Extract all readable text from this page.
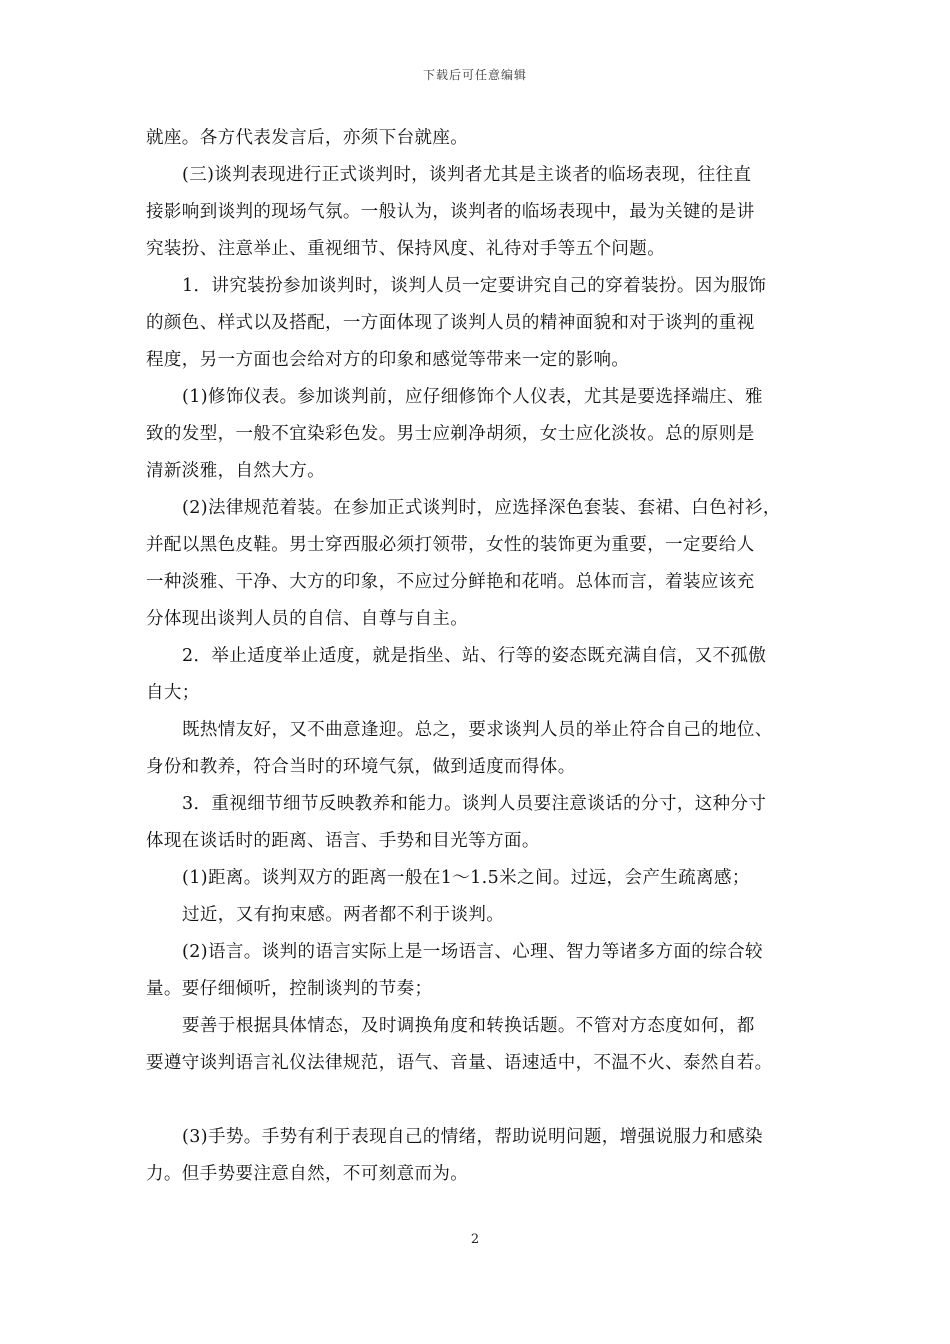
下载后可任意编辑
就座。各方代表发言后，亦须下台就座。
(三)谈判表现进行正式谈判时，谈判者尤其是主谈者的临场表现，往往直
接影响到谈判的现场气氛。一般认为，谈判者的临场表现中，最为关键的是讲
究装扮、注意举止、重视细节、保持风度、礼待对手等五个问题。
1．讲究装扮参加谈判时，谈判人员一定要讲究自己的穿着装扮。因为服饰
的颜色、样式以及搭配，一方面体现了谈判人员的精神面貌和对于谈判的重视
程度，另一方面也会给对方的印象和感觉等带来一定的影响。
(1)修饰仪表。参加谈判前，应仔细修饰个人仪表，尤其是要选择端庄、雅
致的发型，一般不宜染彩色发。男士应剃净胡须，女士应化淡妆。总的原则是
清新淡雅，自然大方。
(2)法律规范着装。在参加正式谈判时，应选择深色套装、套裙、白色衬衫，
并配以黑色皮鞋。男士穿西服必须打领带，女性的装饰更为重要，一定要给人
一种淡雅、干净、大方的印象，不应过分鲜艳和花哨。总体而言，着装应该充
分体现出谈判人员的自信、自尊与自主。
2．举止适度举止适度，就是指坐、站、行等的姿态既充满自信，又不孤傲
自大；
既热情友好，又不曲意逢迎。总之，要求谈判人员的举止符合自己的地位、
身份和教养，符合当时的环境气氛，做到适度而得体。
3．重视细节细节反映教养和能力。谈判人员要注意谈话的分寸，这种分寸
体现在谈话时的距离、语言、手势和目光等方面。
(1)距离。谈判双方的距离一般在1～1.5米之间。过远，会产生疏离感；
过近，又有拘束感。两者都不利于谈判。
(2)语言。谈判的语言实际上是一场语言、心理、智力等诸多方面的综合较
量。要仔细倾听，控制谈判的节奏；
要善于根据具体情态，及时调换角度和转换话题。不管对方态度如何，都
要遵守谈判语言礼仪法律规范，语气、音量、语速适中，不温不火、泰然自若。
(3)手势。手势有利于表现自己的情绪，帮助说明问题，增强说服力和感染
力。但手势要注意自然，不可刻意而为。
2
